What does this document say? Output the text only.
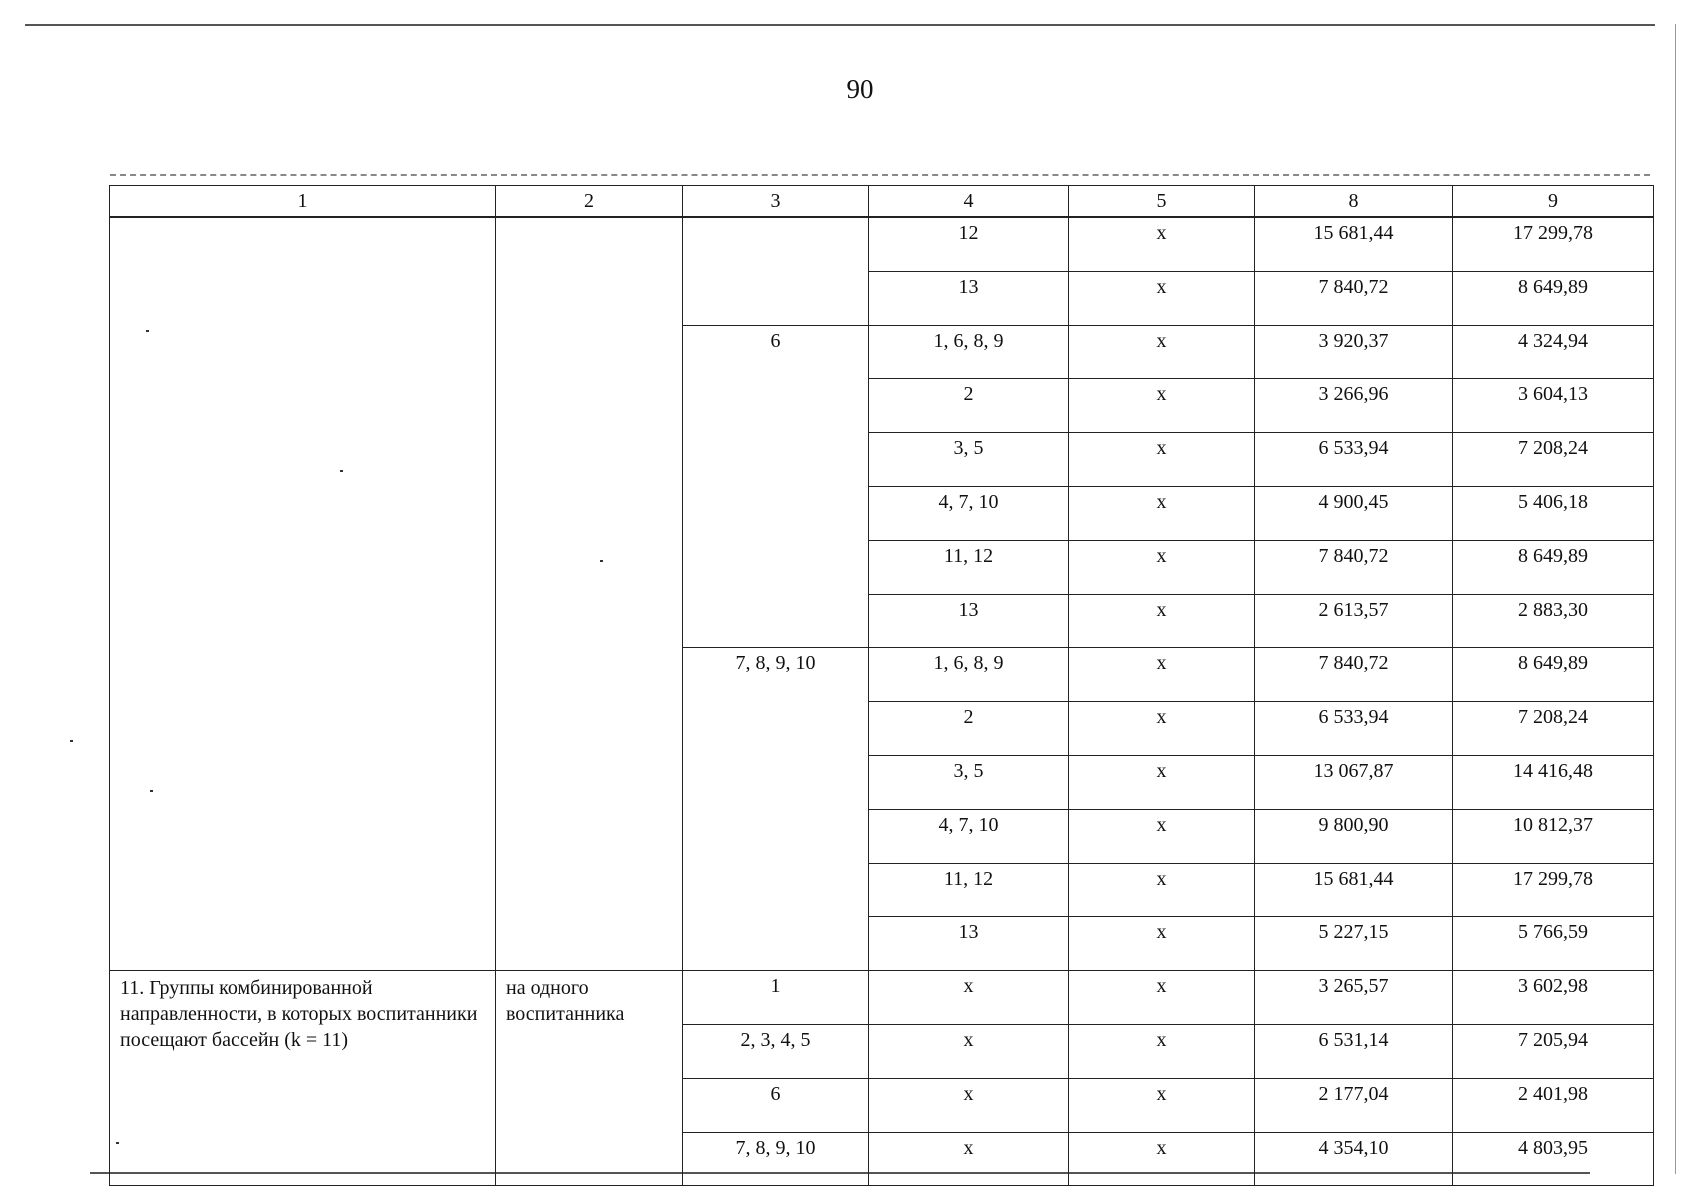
90
1	2	3	4	5	8	9
			12	x	15 681,44	17 299,78
			13	x	7 840,72	8 649,89
		6	1, 6, 8, 9	x	3 920,37	4 324,94
			2	x	3 266,96	3 604,13
			3, 5	x	6 533,94	7 208,24
			4, 7, 10	x	4 900,45	5 406,18
			11, 12	x	7 840,72	8 649,89
			13	x	2 613,57	2 883,30
		7, 8, 9, 10	1, 6, 8, 9	x	7 840,72	8 649,89
			2	x	6 533,94	7 208,24
			3, 5	x	13 067,87	14 416,48
			4, 7, 10	x	9 800,90	10 812,37
			11, 12	x	15 681,44	17 299,78
			13	x	5 227,15	5 766,59
11. Группы комбинированной направленности, в которых воспитанники посещают бассейн (k = 11)	на одного воспитанника	1	x	x	3 265,57	3 602,98
		2, 3, 4, 5	x	x	6 531,14	7 205,94
		6	x	x	2 177,04	2 401,98
		7, 8, 9, 10	x	x	4 354,10	4 803,95
